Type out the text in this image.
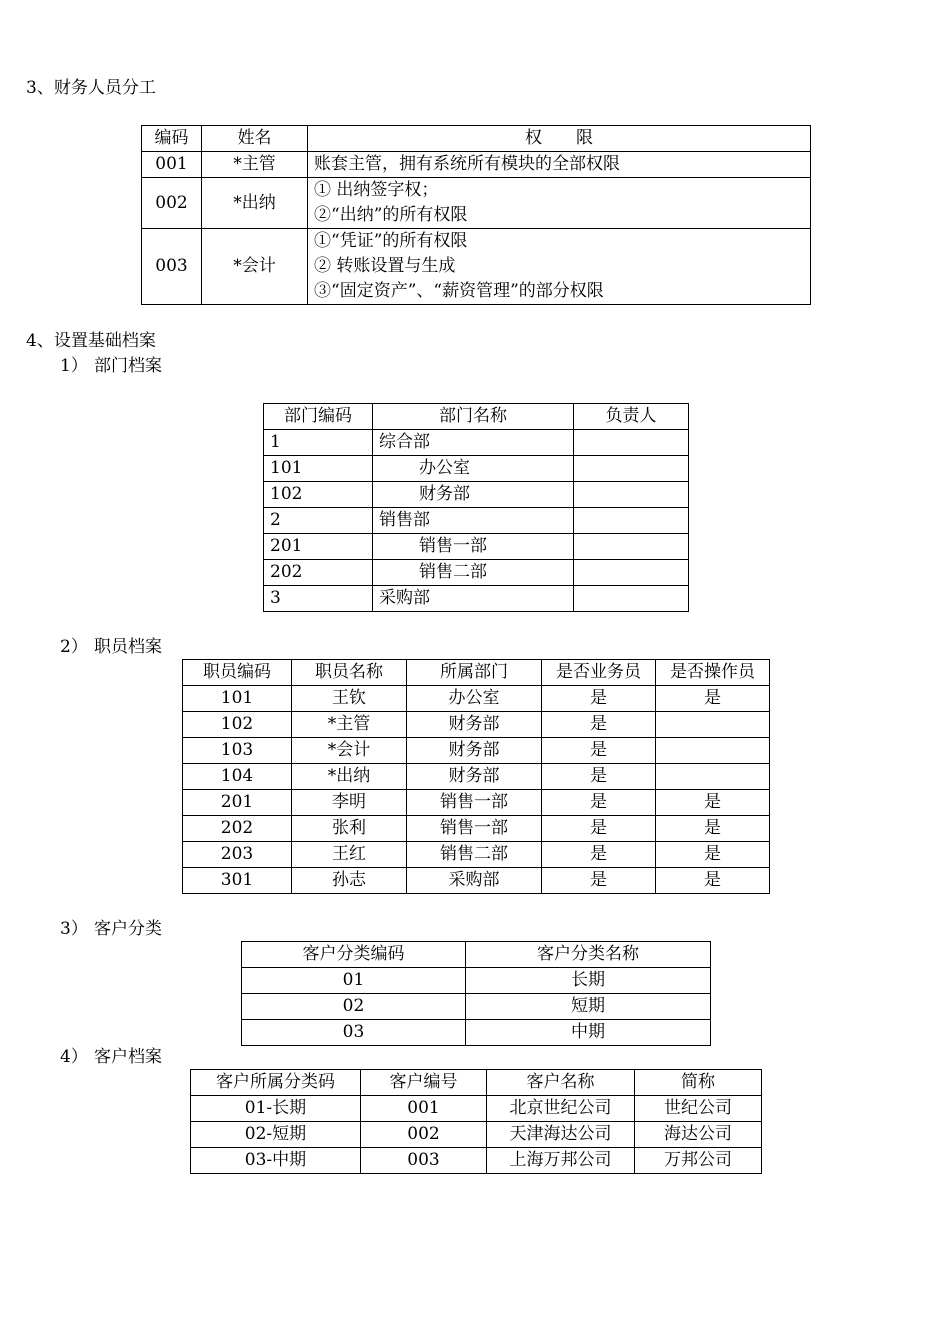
3、财务人员分工
编码	姓名	权　　限
001	*主管	账套主管，拥有系统所有模块的全部权限
002	*出纳	① 出纳签字权；
②“出纳”的所有权限

003	*会计	①“凭证”的所有权限
② 转账设置与生成
③“固定资产”、“薪资管理”的部分权限
4、设置基础档案
1） 部门档案
部门编码	部门名称	负责人
1	综合部	
101	办公室	
102	财务部	
2	销售部	
201	销售一部	
202	销售二部	
3	采购部	
2） 职员档案
职员编码	职员名称	所属部门	是否业务员	是否操作员
101	王钦	办公室	是	是
102	*主管	财务部	是	
103	*会计	财务部	是	
104	*出纳	财务部	是	
201	李明	销售一部	是	是
202	张利	销售一部	是	是
203	王红	销售二部	是	是
301	孙志	采购部	是	是
3） 客户分类
客户分类编码	客户分类名称
01	长期
02	短期
03	中期
4） 客户档案
客户所属分类码	客户编号	客户名称	简称
01-长期	001	北京世纪公司	世纪公司
02-短期	002	天津海达公司	海达公司
03-中期	003	上海万邦公司	万邦公司
